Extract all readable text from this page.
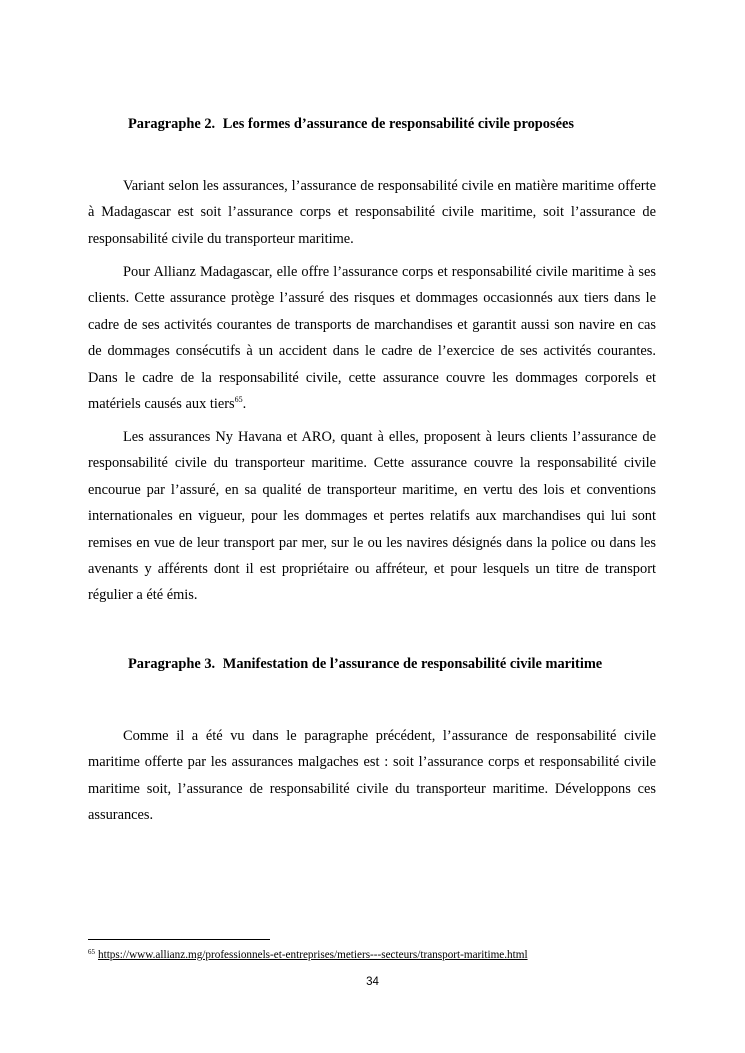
Paragraphe 2. Les formes d’assurance de responsabilité civile proposées

Variant selon les assurances, l’assurance de responsabilité civile en matière maritime offerte à Madagascar est soit l’assurance corps et responsabilité civile maritime, soit l’assurance de responsabilité civile du transporteur maritime.

Pour Allianz Madagascar, elle offre l’assurance corps et responsabilité civile maritime à ses clients. Cette assurance protège l’assuré des risques et dommages occasionnés aux tiers dans le cadre de ses activités courantes de transports de marchandises et garantit aussi son navire en cas de dommages consécutifs à un accident dans le cadre de l’exercice de ses activités courantes. Dans le cadre de la responsabilité civile, cette assurance couvre les dommages corporels et matériels causés aux tiers$^{65}$.

Les assurances Ny Havana et ARO, quant à elles, proposent à leurs clients l’assurance de responsabilité civile du transporteur maritime. Cette assurance couvre la responsabilité civile encourue par l’assuré, en sa qualité de transporteur maritime, en vertu des lois et conventions internationales en vigueur, pour les dommages et pertes relatifs aux marchandises qui lui sont remises en vue de leur transport par mer, sur le ou les navires désignés dans la police ou dans les avenants y afférents dont il est propriétaire ou affréteur, et pour lesquels un titre de transport régulier a été émis.

Paragraphe 3. Manifestation de l’assurance de responsabilité civile maritime

Comme il a été vu dans le paragraphe précédent, l’assurance de responsabilité civile maritime offerte par les assurances malgaches est : soit l’assurance corps et responsabilité civile maritime soit, l’assurance de responsabilité civile du transporteur maritime. Développons ces assurances.

$^{65}$ https://www.allianz.mg/professionnels-et-entreprises/metiers---secteurs/transport-maritime.html
34
